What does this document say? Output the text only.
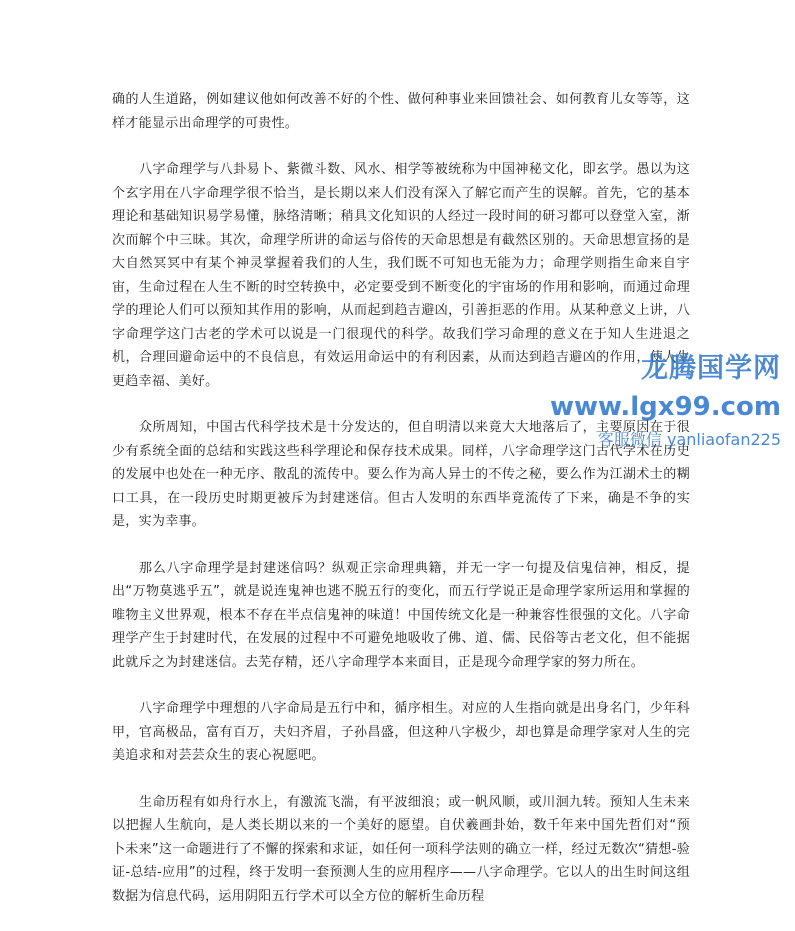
确的人生道路，例如建议他如何改善不好的个性、做何种事业来回馈社会、如何教育儿女等等，这样才能显示出命理学的可贵性。

八字命理学与八卦易卜、紫微斗数、风水、相学等被统称为中国神秘文化，即玄学。愚以为这个玄字用在八字命理学很不恰当，是长期以来人们没有深入了解它而产生的误解。首先，它的基本理论和基础知识易学易懂，脉络清晰；稍具文化知识的人经过一段时间的研习都可以登堂入室，渐次而解个中三昧。其次，命理学所讲的命运与俗传的天命思想是有截然区别的。天命思想宣扬的是大自然冥冥中有某个神灵掌握着我们的人生，我们既不可知也无能为力；命理学则指生命来自宇宙，生命过程在人生不断的时空转换中，必定要受到不断变化的宇宙场的作用和影响，而通过命理学的理论人们可以预知其作用的影响，从而起到趋吉避凶，引善拒恶的作用。从某种意义上讲，八字命理学这门古老的学术可以说是一门很现代的科学。故我们学习命理的意义在于知人生进退之机，合理回避命运中的不良信息，有效运用命运中的有利因素，从而达到趋吉避凶的作用，使人生更趋幸福、美好。

众所周知，中国古代科学技术是十分发达的，但自明清以来竟大大地落后了，主要原因在于很少有系统全面的总结和实践这些科学理论和保存技术成果。同样，八字命理学这门古代学术在历史的发展中也处在一种无序、散乱的流传中。要么作为高人异士的不传之秘，要么作为江湖术士的糊口工具，在一段历史时期更被斥为封建迷信。但古人发明的东西毕竟流传了下来，确是不争的实是，实为幸事。

那么八字命理学是封建迷信吗？纵观正宗命理典籍，并无一字一句提及信鬼信神，相反，提出“万物莫逃乎五”，就是说连鬼神也逃不脱五行的变化，而五行学说正是命理学家所运用和掌握的唯物主义世界观，根本不存在半点信鬼神的味道！中国传统文化是一种兼容性很强的文化。八字命理学产生于封建时代，在发展的过程中不可避免地吸收了佛、道、儒、民俗等古老文化，但不能据此就斥之为封建迷信。去芜存精，还八字命理学本来面目，正是现今命理学家的努力所在。

八字命理学中理想的八字命局是五行中和，循序相生。对应的人生指向就是出身名门，少年科甲，官高极品，富有百万，夫妇齐眉，子孙昌盛，但这种八字极少，却也算是命理学家对人生的完美追求和对芸芸众生的衷心祝愿吧。

生命历程有如舟行水上，有激流飞湍，有平波细浪；或一帆风顺，或川洄九转。预知人生未来以把握人生航向，是人类长期以来的一个美好的愿望。自伏羲画卦始，数千年来中国先哲们对“预卜未来”这一命题进行了不懈的探索和求证，如任何一项科学法则的确立一样，经过无数次“猜想-验证-总结-应用”的过程，终于发明一套预测人生的应用程序——八字命理学。它以人的出生时间这组数据为信息代码，运用阴阳五行学术可以全方位的解析生命历程

龙腾国学网
www.lgx99.com
客服微信 yanliaofan225
